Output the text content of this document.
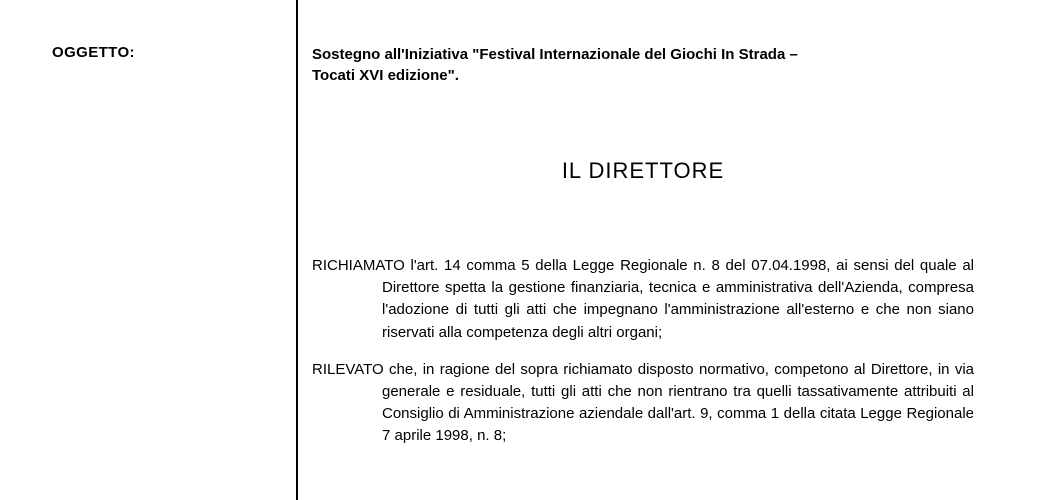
OGGETTO:	Sostegno all'Iniziativa "Festival Internazionale del Giochi In Strada –
Tocati XVI edizione".
IL DIRETTORE

RICHIAMATO l'art. 14 comma 5 della Legge Regionale n. 8 del 07.04.1998, ai sensi del quale al Direttore spetta la gestione finanziaria, tecnica e amministrativa dell'Azienda, compresa l'adozione di tutti gli atti che impegnano l'amministrazione all'esterno e che non siano riservati alla competenza degli altri organi;

RILEVATO che, in ragione del sopra richiamato disposto normativo, competono al Direttore, in via generale e residuale, tutti gli atti che non rientrano tra quelli tassativamente attribuiti al Consiglio di Amministrazione aziendale dall'art. 9, comma 1 della citata Legge Regionale 7 aprile 1998, n. 8;
